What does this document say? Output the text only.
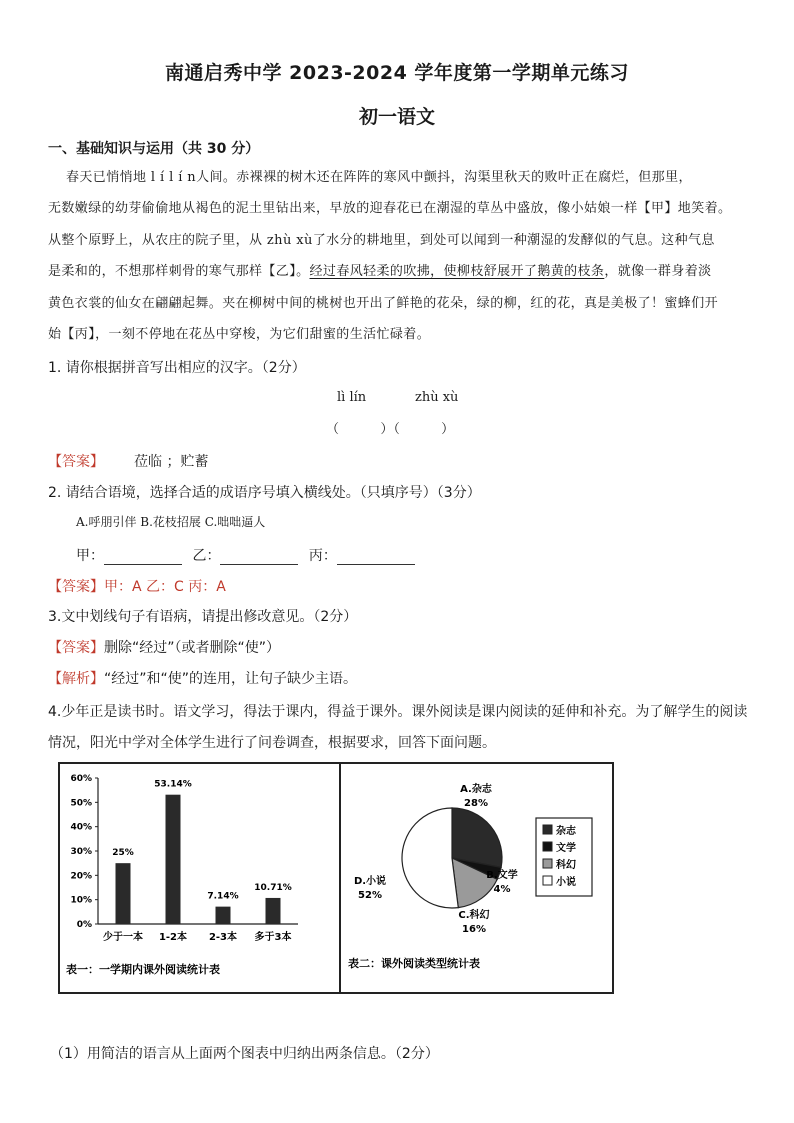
南通启秀中学 2023-2024 学年度第一学期单元练习
初一语文
一、基础知识与运用（共 30 分）
春天已悄悄地 l í l í n人间。赤裸裸的树木还在阵阵的寒风中颤抖，沟渠里秋天的败叶正在腐烂，但那里，
无数嫩绿的幼芽偷偷地从褐色的泥土里钻出来，早放的迎春花已在潮湿的草丛中盛放，像小姑娘一样【甲】地笑着。
从整个原野上，从农庄的院子里，从 zhù xù了水分的耕地里，到处可以闻到一种潮湿的发酵似的气息。这种气息
是柔和的，不想那样刺骨的寒气那样【乙】。经过春风轻柔的吹拂，使柳枝舒展开了鹅黄的枝条，就像一群身着淡
黄色衣裳的仙女在翩翩起舞。夹在柳树中间的桃树也开出了鲜艳的花朵，绿的柳，红的花，真是美极了！蜜蜂们开
始【丙】，一刻不停地在花丛中穿梭，为它们甜蜜的生活忙碌着。
1. 请你根据拼音写出相应的汉字。（2分）
lì lín	zhù xù
（          ）（          ）
【答案】 莅临 ；贮蓄
2. 请结合语境，选择合适的成语序号填入横线处。（只填序号）（3分）
A.呼朋引伴 B.花枝招展 C.咄咄逼人
甲：	乙：	丙：
【答案】甲：A 乙：C 丙：A
3.文中划线句子有语病，请提出修改意见。（2分）
【答案】删除“经过”（或者删除“使”）
【解析】“经过”和“使”的连用，让句子缺少主语。
4.少年正是读书时。语文学习，得法于课内，得益于课外。课外阅读是课内阅读的延伸和补充。为了解学生的阅读
情况，阳光中学对全体学生进行了问卷调查，根据要求，回答下面问题。
0%
10%
20%
30%
40%
50%
60%
25%
少于一本
53.14%
1-2本
7.14%
2-3本
10.71%
多于3本
表一：一学期内课外阅读统计表
A.杂志
28%
B.文学
4%
C.科幻
16%
D.小说
52%
杂志
文学
科幻
小说
表二：课外阅读类型统计表
（1）用简洁的语言从上面两个图表中归纳出两条信息。（2分）
